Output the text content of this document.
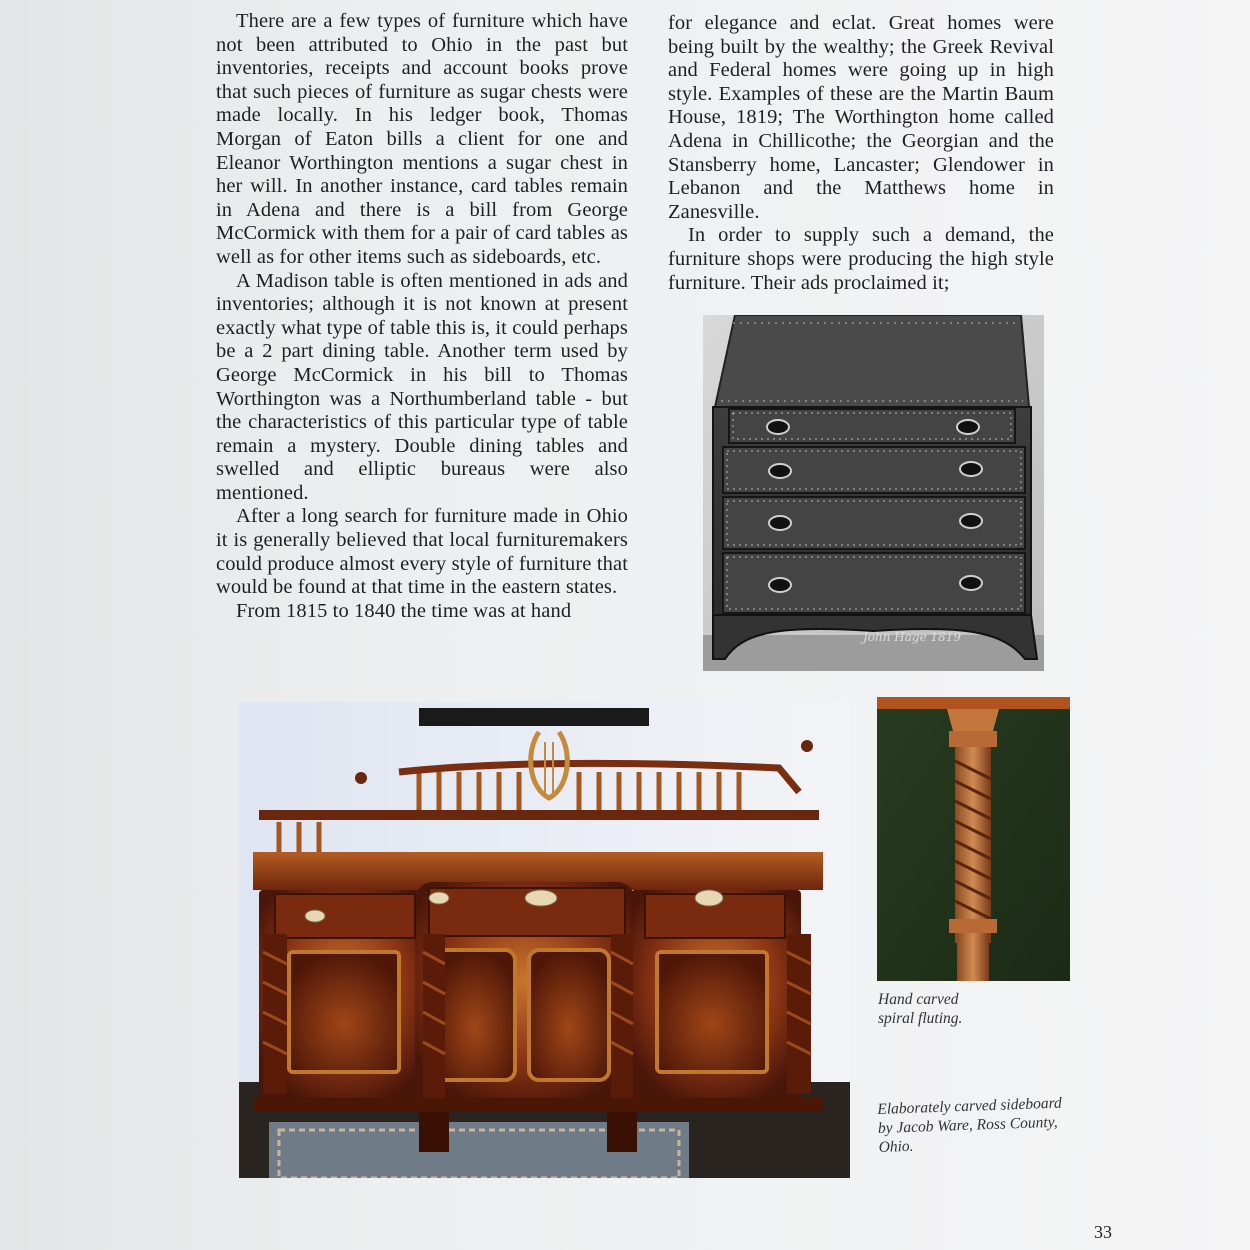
There are a few types of furniture which have not been attributed to Ohio in the past but inventories, receipts and account books prove that such pieces of furniture as sugar chests were made locally. In his ledger book, Thomas Morgan of Eaton bills a client for one and Eleanor Worthington mentions a sugar chest in her will. In another instance, card tables remain in Adena and there is a bill from George McCormick with them for a pair of card tables as well as for other items such as sideboards, etc.

A Madison table is often mentioned in ads and inventories; although it is not known at present exactly what type of table this is, it could perhaps be a 2 part dining table. Another term used by George McCormick in his bill to Thomas Worthington was a Northumberland table - but the characteristics of this particular type of table remain a mystery. Double dining tables and swelled and elliptic bureaus were also mentioned.

After a long search for furniture made in Ohio it is generally believed that local furnituremakers could produce almost every style of furniture that would be found at that time in the eastern states.

From 1815 to 1840 the time was at hand

for elegance and eclat. Great homes were being built by the wealthy; the Greek Revival and Federal homes were going up in high style. Examples of these are the Martin Baum House, 1819; The Worthington home called Adena in Chillicothe; the Georgian and the Stansberry home, Lancaster; Glendower in Lebanon and the Matthews home in Zanesville.

In order to supply such a demand, the furniture shops were producing the high style furniture. Their ads proclaimed it;

John Hage 1819
Hand carved
spiral fluting.
Elaborately carved sideboard
by Jacob Ware, Ross County,
Ohio.
33
